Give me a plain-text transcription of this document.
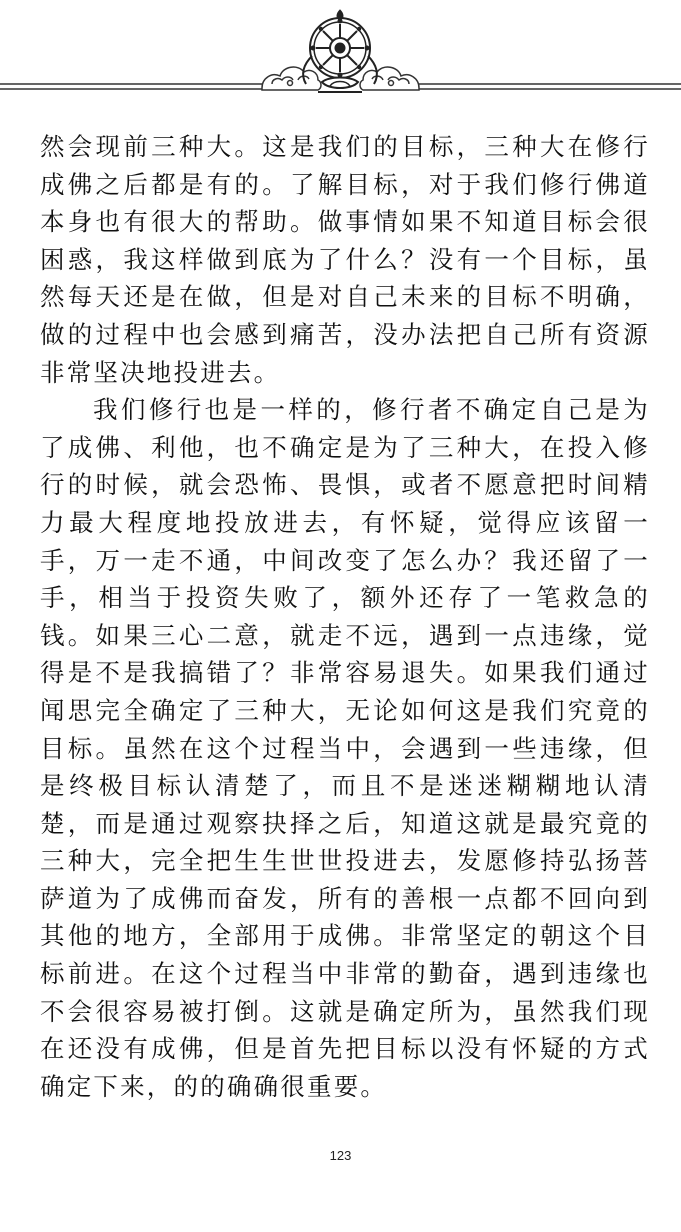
然会现前三种大。这是我们的目标，三种大在修行成佛之后都是有的。了解目标，对于我们修行佛道本身也有很大的帮助。做事情如果不知道目标会很困惑，我这样做到底为了什么？没有一个目标，虽然每天还是在做，但是对自己未来的目标不明确，做的过程中也会感到痛苦，没办法把自己所有资源非常坚决地投进去。

我们修行也是一样的，修行者不确定自己是为了成佛、利他，也不确定是为了三种大，在投入修行的时候，就会恐怖、畏惧，或者不愿意把时间精力最大程度地投放进去，有怀疑，觉得应该留一手，万一走不通，中间改变了怎么办？我还留了一手，相当于投资失败了，额外还存了一笔救急的钱。如果三心二意，就走不远，遇到一点违缘，觉得是不是我搞错了？非常容易退失。如果我们通过闻思完全确定了三种大，无论如何这是我们究竟的目标。虽然在这个过程当中，会遇到一些违缘，但是终极目标认清楚了，而且不是迷迷糊糊地认清楚，而是通过观察抉择之后，知道这就是最究竟的三种大，完全把生生世世投进去，发愿修持弘扬菩萨道为了成佛而奋发，所有的善根一点都不回向到其他的地方，全部用于成佛。非常坚定的朝这个目标前进。在这个过程当中非常的勤奋，遇到违缘也不会很容易被打倒。这就是确定所为，虽然我们现在还没有成佛，但是首先把目标以没有怀疑的方式确定下来，的的确确很重要。

123
